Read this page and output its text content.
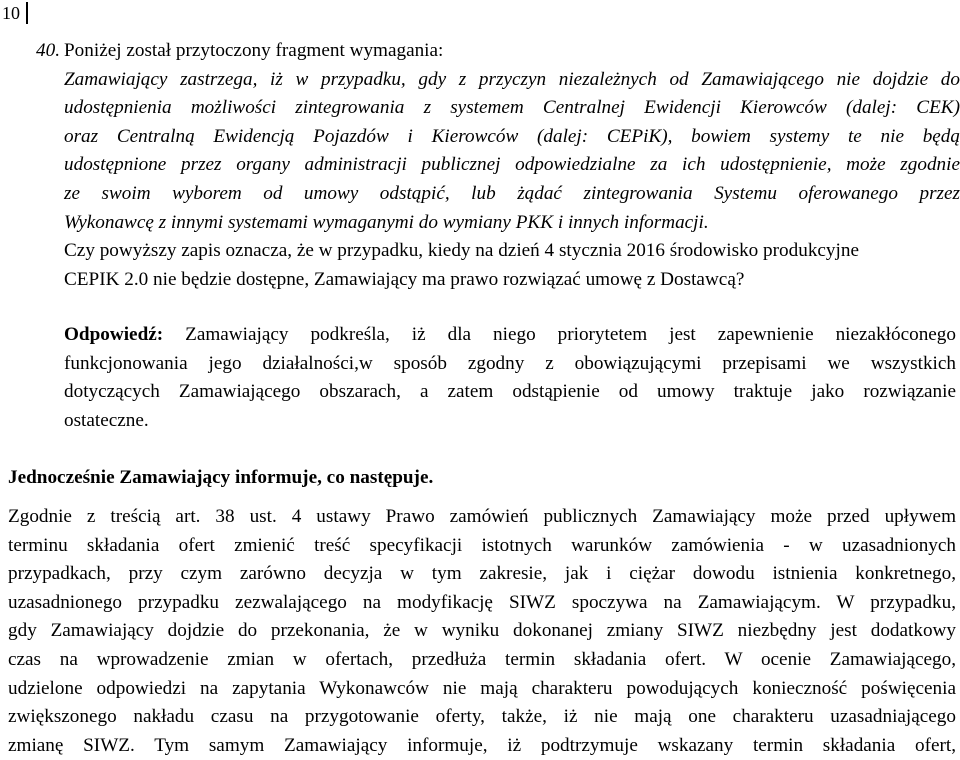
10

40. Poniżej został przytoczony fragment wymagania:

Zamawiający zastrzega, iż w przypadku, gdy z przyczyn niezależnych od Zamawiającego nie dojdzie do

udostępnienia możliwości zintegrowania z systemem Centralnej Ewidencji Kierowców (dalej: CEK)

oraz Centralną Ewidencją Pojazdów i Kierowców (dalej: CEPiK), bowiem systemy te nie będą

udostępnione przez organy administracji publicznej odpowiedzialne za ich udostępnienie, może zgodnie

ze swoim wyborem od umowy odstąpić, lub żądać zintegrowania Systemu oferowanego przez

Wykonawcę z innymi systemami wymaganymi do wymiany PKK i innych informacji.

Czy powyższy zapis oznacza, że w przypadku, kiedy na dzień 4 stycznia 2016 środowisko produkcyjne

CEPIK 2.0 nie będzie dostępne, Zamawiający ma prawo rozwiązać umowę z Dostawcą?

Odpowiedź: Zamawiający podkreśla, iż dla niego priorytetem jest zapewnienie niezakłóconego

funkcjonowania jego działalności,w sposób zgodny z obowiązującymi przepisami we wszystkich

dotyczących Zamawiającego obszarach, a zatem odstąpienie od umowy traktuje jako rozwiązanie

ostateczne.

Jednocześnie Zamawiający informuje, co następuje.

Zgodnie z treścią art. 38 ust. 4 ustawy Prawo zamówień publicznych Zamawiający może przed upływem

terminu składania ofert zmienić treść specyfikacji istotnych warunków zamówienia - w uzasadnionych

przypadkach, przy czym zarówno decyzja w tym zakresie, jak i ciężar dowodu istnienia konkretnego,

uzasadnionego przypadku zezwalającego na modyfikację SIWZ spoczywa na Zamawiającym. W przypadku,

gdy Zamawiający dojdzie do przekonania, że w wyniku dokonanej zmiany SIWZ niezbędny jest dodatkowy

czas na wprowadzenie zmian w ofertach, przedłuża termin składania ofert. W ocenie Zamawiającego,

udzielone odpowiedzi na zapytania Wykonawców nie mają charakteru powodujących konieczność poświęcenia

zwiększonego nakładu czasu na przygotowanie oferty, także, iż nie mają one charakteru uzasadniającego

zmianę SIWZ. Tym samym Zamawiający informuje, iż podtrzymuje wskazany termin składania ofert,
